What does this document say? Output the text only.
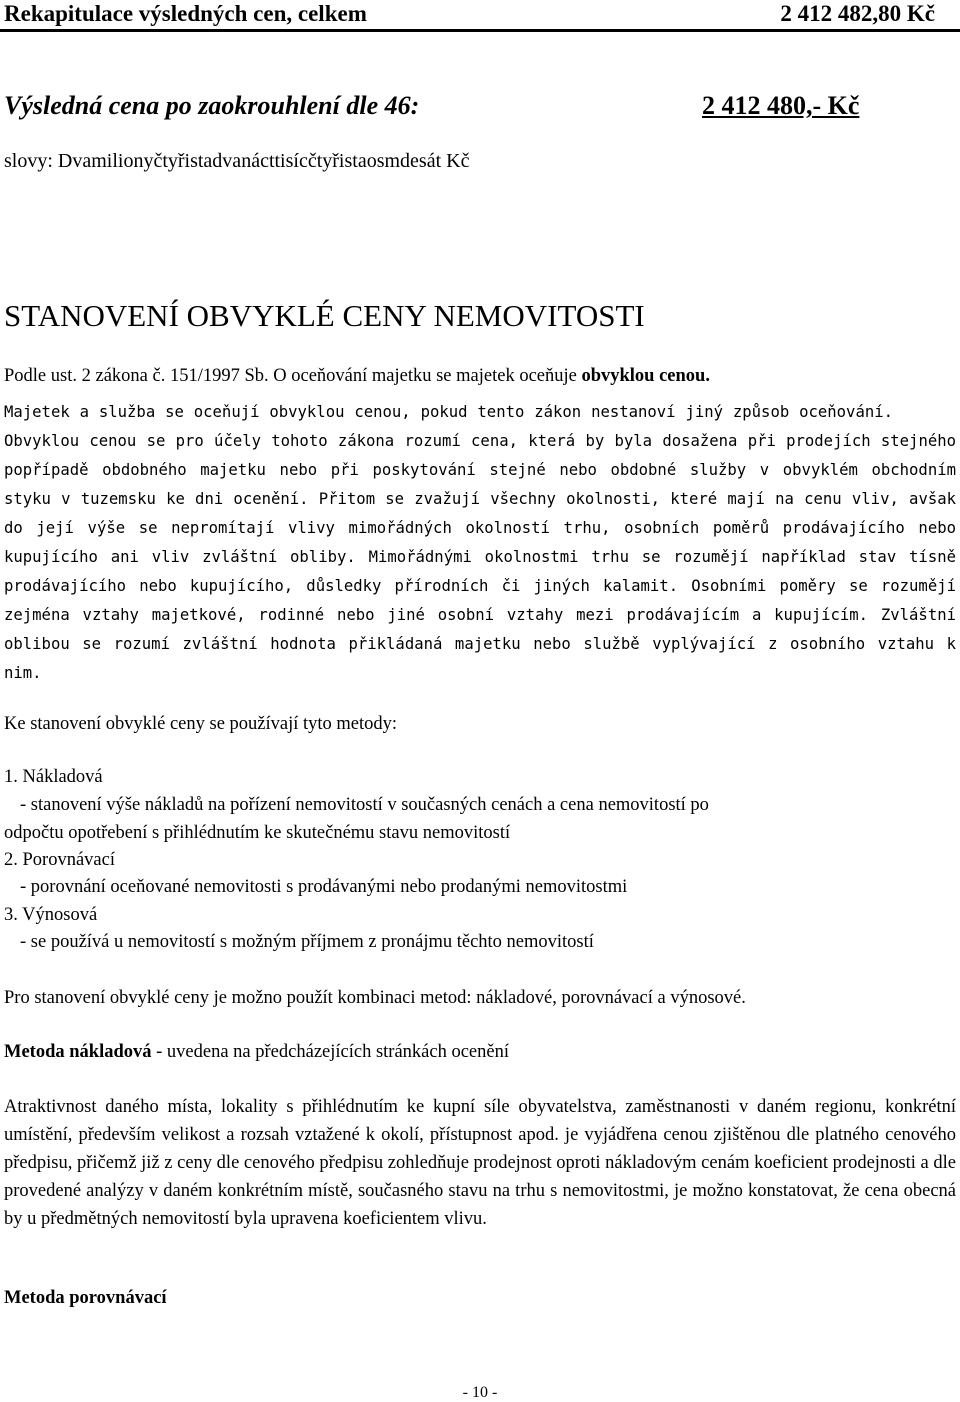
Rekapitulace výsledných cen, celkem	2 412 482,80 Kč
Výsledná cena po zaokrouhlení dle 46:	2 412 480,- Kč
slovy: Dvamilionyčtyřistadvanácttisícčtyřistaosmdesát Kč
STANOVENÍ OBVYKLÉ CENY NEMOVITOSTI
Podle ust. 2 zákona č. 151/1997 Sb. O oceňování majetku se majetek oceňuje obvyklou cenou.
Majetek a služba se oceňují obvyklou cenou, pokud tento zákon nestanoví jiný způsob oceňování.
Obvyklou cenou se pro účely tohoto zákona rozumí cena, která by byla dosažena při prodejích stejného popřípadě obdobného majetku nebo při poskytování stejné nebo obdobné služby v obvyklém obchodním styku v tuzemsku ke dni ocenění. Přitom se zvažují všechny okolnosti, které mají na cenu vliv, avšak do její výše se nepromítají vlivy mimořádných okolností trhu, osobních poměrů prodávajícího nebo kupujícího ani vliv zvláštní obliby. Mimořádnými okolnostmi trhu se rozumějí například stav tísně prodávajícího nebo kupujícího, důsledky přírodních či jiných kalamit. Osobními poměry se rozumějí zejména vztahy majetkové, rodinné nebo jiné osobní vztahy mezi prodávajícím a kupujícím. Zvláštní oblibou se rozumí zvláštní hodnota přikládaná majetku nebo službě vyplývající z osobního vztahu k nim.
Ke stanovení obvyklé ceny se používají tyto metody:
1. Nákladová
- stanovení výše nákladů na pořízení nemovitostí v současných cenách a cena nemovitostí po
odpočtu opotřebení s přihlédnutím ke skutečnému stavu nemovitostí
2. Porovnávací
- porovnání oceňované nemovitosti s prodávanými nebo prodanými nemovitostmi
3. Výnosová
- se používá u nemovitostí s možným příjmem z pronájmu těchto nemovitostí
Pro stanovení obvyklé ceny je možno použít kombinaci metod: nákladové, porovnávací a výnosové.
Metoda nákladová - uvedena na předcházejících stránkách ocenění
Atraktivnost daného místa, lokality s přihlédnutím ke kupní síle obyvatelstva, zaměstnanosti v daném regionu, konkrétní umístění, především velikost a rozsah vztažené k okolí, přístupnost apod. je vyjádřena cenou zjištěnou dle platného cenového předpisu, přičemž již z ceny dle cenového předpisu zohledňuje prodejnost oproti nákladovým cenám koeficient prodejnosti a dle provedené analýzy v daném konkrétním místě, současného stavu na trhu s nemovitostmi, je možno konstatovat, že cena obecná by u předmětných nemovitostí byla upravena koeficientem vlivu.
Metoda porovnávací
- 10 -
